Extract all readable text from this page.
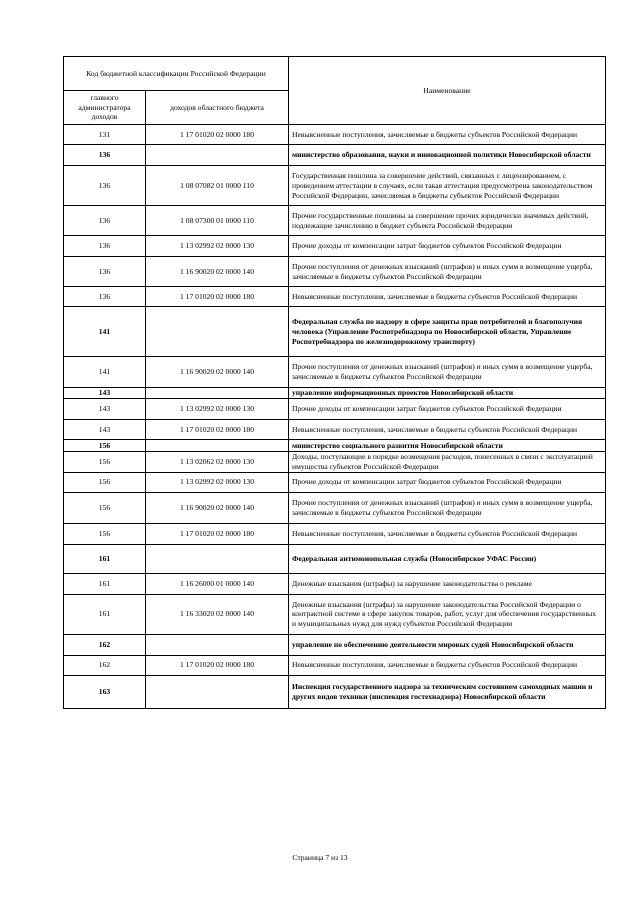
Код бюджетной классификации Российской Федерации		Наименование
главного администратора доходов	доходов областного бюджета	
131	1 17 01020 02 0000 180	Невыясненные поступления, зачисляемые в бюджеты субъектов Российской Федерации
136		министерство образования, науки и инновационной политики Новосибирской области
136	1 08 07082 01 0000 110	Государственная пошлина за совершение действий, связанных с лицензированием, с проведением аттестации в случаях, если такая аттестация предусмотрена законодательством Российской Федерации, зачисляемая в бюджеты субъектов Российской Федерации
136	1 08 07300 01 0000 110	Прочие государственные пошлины за совершение прочих юридически значимых действий, подлежащие зачислению в бюджет субъекта Российской Федерации
136	1 13 02992 02 0000 130	Прочие доходы от компенсации затрат бюджетов субъектов Российской Федерации
136	1 16 90020 02 0000 140	Прочие поступления от денежных взысканий (штрафов) и иных сумм в возмещение ущерба, зачисляемые в бюджеты субъектов Российской Федерации
136	1 17 01020 02 0000 180	Невыясненные поступления, зачисляемые в бюджеты субъектов Российской Федерации
141		Федеральная служба по надзору в сфере защиты прав потребителей и благополучия человека (Управление Роспотребнадзора по Новосибирской области, Управление Роспотребнадзора по железнодорожному транспорту)
141	1 16 90020 02 0000 140	Прочие поступления от денежных взысканий (штрафов) и иных сумм в возмещение ущерба, зачисляемые в бюджеты субъектов Российской Федерации
143		управление информационных проектов Новосибирской области
143	1 13 02992 02 0000 130	Прочие доходы от компенсации затрат бюджетов субъектов Российской Федерации
143	1 17 01020 02 0000 180	Невыясненные поступления, зачисляемые в бюджеты субъектов Российской Федерации
156		министерство социального развития Новосибирской области
156	1 13 02062 02 0000 130	Доходы, поступающие в порядке возмещения расходов, понесенных в связи с эксплуатацией имущества субъектов Российской Федерации
156	1 13 02992 02 0000 130	Прочие доходы от компенсации затрат бюджетов субъектов Российской Федерации
156	1 16 90020 02 0000 140	Прочие поступления от денежных взысканий (штрафов) и иных сумм в возмещение ущерба, зачисляемые в бюджеты субъектов Российской Федерации
156	1 17 01020 02 0000 180	Невыясненные поступления, зачисляемые в бюджеты субъектов Российской Федерации
161		Федеральная антимонопольная служба (Новосибирское УФАС России)
161	1 16 26000 01 0000 140	Денежные взыскания (штрафы) за нарушение законодательства о рекламе
161	1 16 33020 02 0000 140	Денежные взыскания (штрафы) за нарушение законодательства Российской Федерации о контрактной системе в сфере закупок товаров, работ, услуг для обеспечения государственных и муниципальных нужд для нужд субъектов Российской Федерации
162		управление по обеспечению деятельности мировых судей Новосибирской области
162	1 17 01020 02 0000 180	Невыясненные поступления, зачисляемые в бюджеты субъектов Российской Федерации
163		Инспекция государственного надзора за техническим состоянием самоходных машин и других видов техники (инспекция гостехнадзора) Новосибирской области
Страница 7 из 13
